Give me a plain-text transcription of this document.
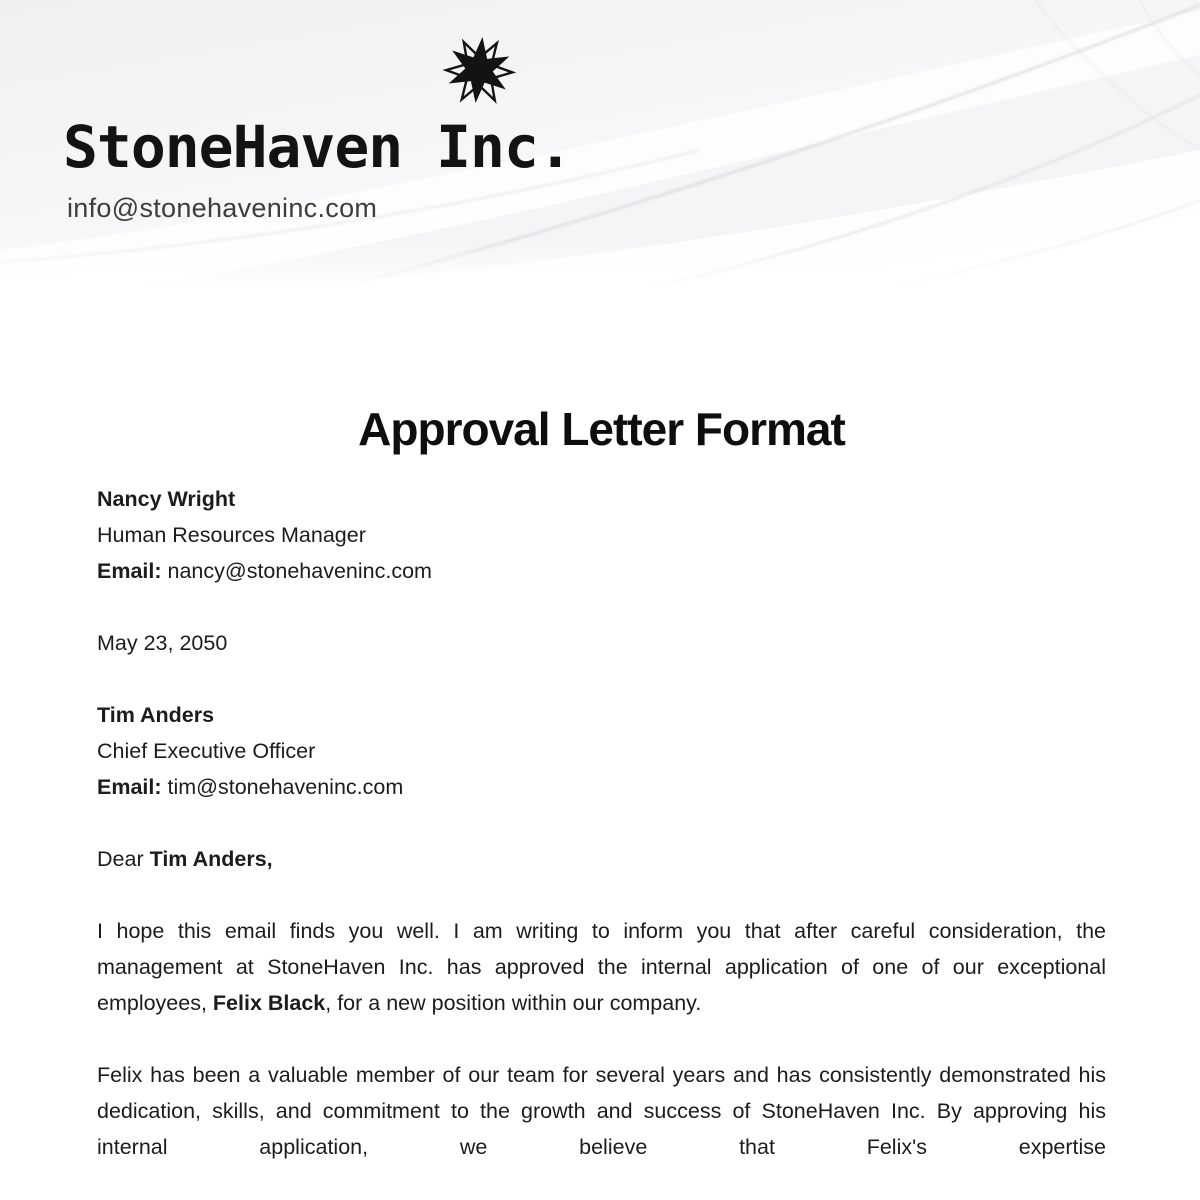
StoneHaven Inc.
info@stonehaveninc.com
Approval Letter Format
Nancy Wright
Human Resources Manager
Email: nancy@stonehaveninc.com
May 23, 2050
Tim Anders
Chief Executive Officer
Email: tim@stonehaveninc.com
Dear Tim Anders,

I hope this email finds you well. I am writing to inform you that after careful consideration, the management at StoneHaven Inc. has approved the internal application of one of our exceptional employees, Felix Black, for a new position within our company.

Felix has been a valuable member of our team for several years and has consistently demonstrated his dedication, skills, and commitment to the growth and success of StoneHaven Inc. By approving his internal application, we believe that Felix's expertise
